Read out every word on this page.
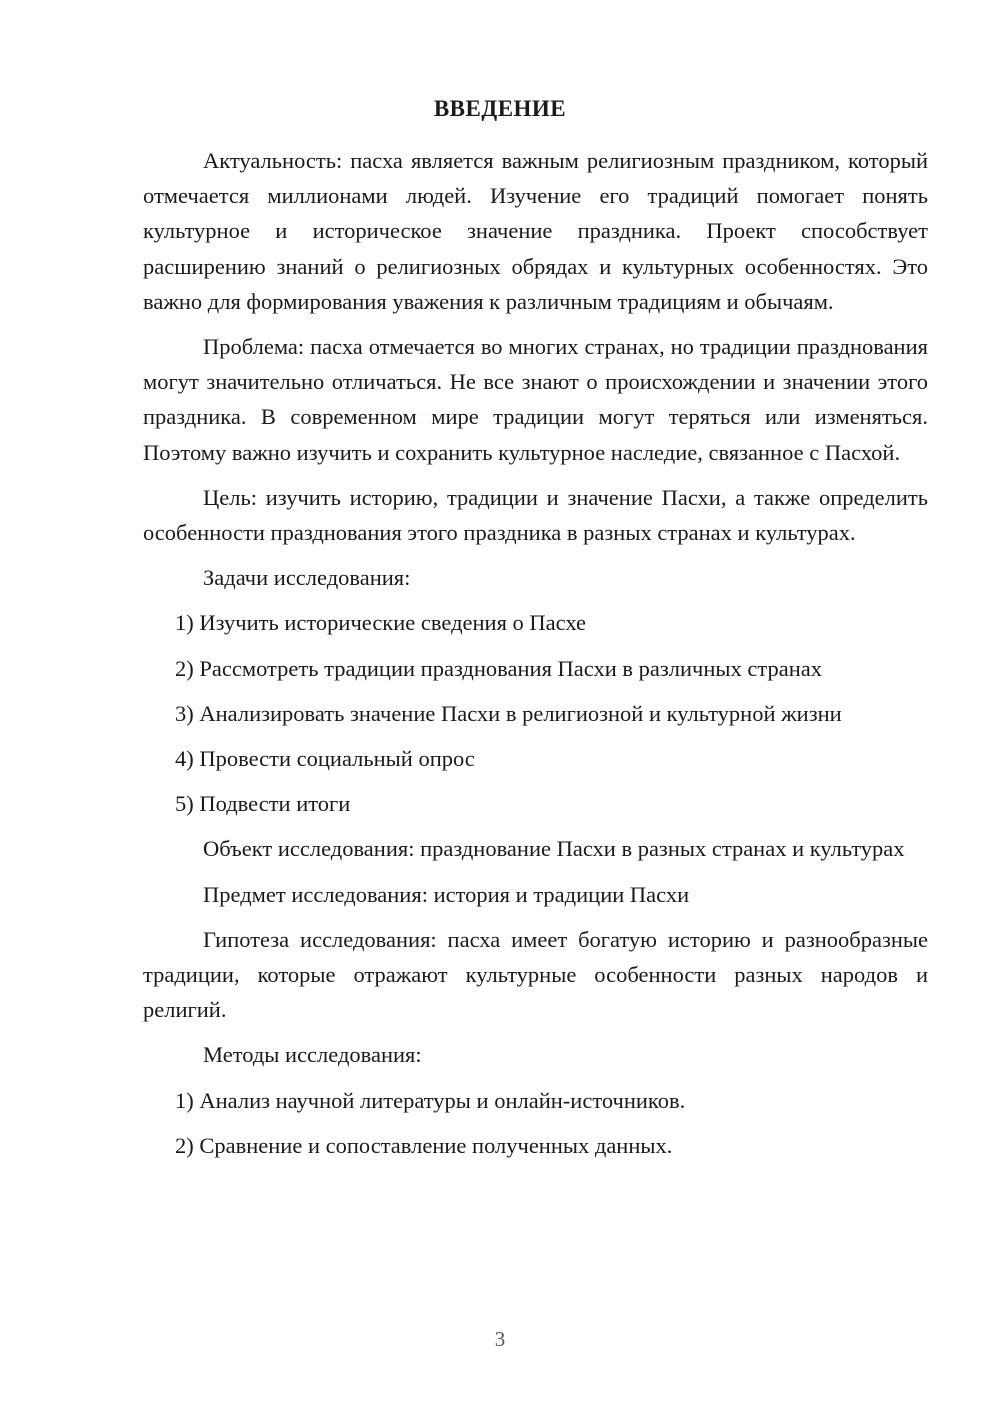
ВВЕДЕНИЕ

Актуальность: пасха является важным религиозным праздником, который отмечается миллионами людей. Изучение его традиций помогает понять культурное и историческое значение праздника. Проект способствует расширению знаний о религиозных обрядах и культурных особенностях. Это важно для формирования уважения к различным традициям и обычаям.

Проблема: пасха отмечается во многих странах, но традиции празднования могут значительно отличаться. Не все знают о происхождении и значении этого праздника. В современном мире традиции могут теряться или изменяться. Поэтому важно изучить и сохранить культурное наследие, связанное с Пасхой.

Цель: изучить историю, традиции и значение Пасхи, а также определить особенности празднования этого праздника в разных странах и культурах.

Задачи исследования:

1) Изучить исторические сведения о Пасхе

2) Рассмотреть традиции празднования Пасхи в различных странах

3) Анализировать значение Пасхи в религиозной и культурной жизни

4) Провести социальный опрос

5) Подвести итоги

Объект исследования: празднование Пасхи в разных странах и культурах

Предмет исследования: история и традиции Пасхи

Гипотеза исследования: пасха имеет богатую историю и разнообразные традиции, которые отражают культурные особенности разных народов и религий.

Методы исследования:

1) Анализ научной литературы и онлайн-источников.

2) Сравнение и сопоставление полученных данных.

3
